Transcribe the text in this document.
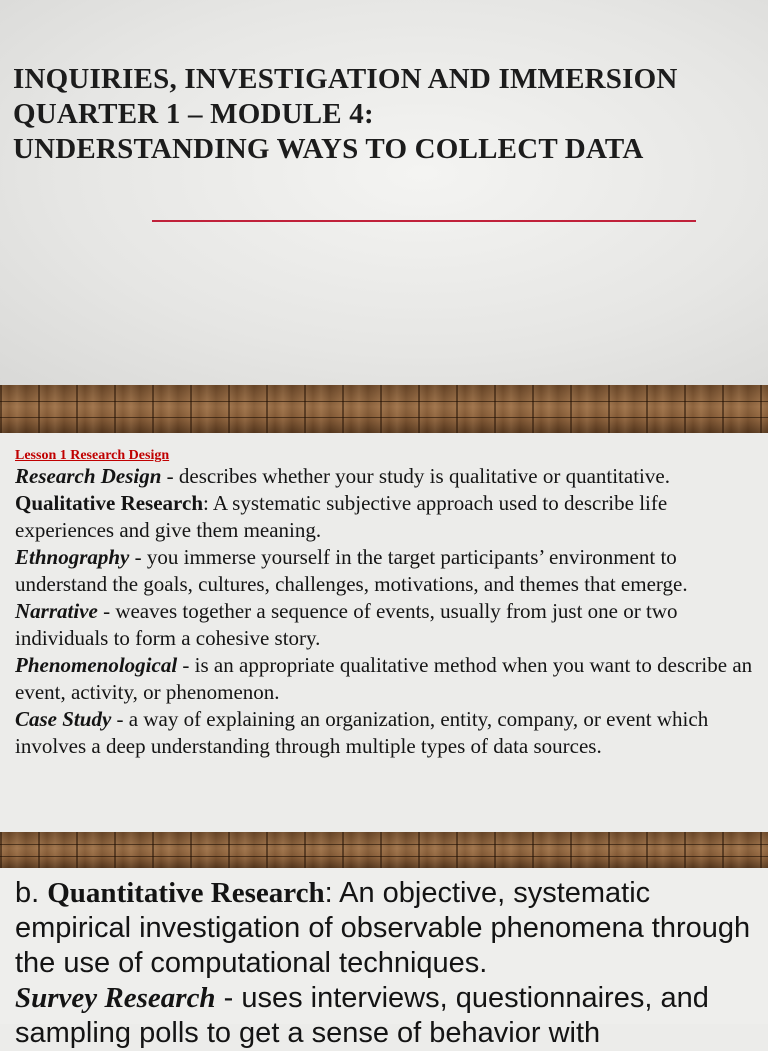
INQUIRIES, INVESTIGATION AND IMMERSION
QUARTER 1 – MODULE 4:
UNDERSTANDING WAYS TO COLLECT DATA
Lesson 1 Research Design

Research Design - describes whether your study is qualitative or quantitative.

Qualitative Research: A systematic subjective approach used to describe life experiences and give them meaning.

Ethnography - you immerse yourself in the target participants’ environment to understand the goals, cultures, challenges, motivations, and themes that emerge.

Narrative - weaves together a sequence of events, usually from just one or two individuals to form a cohesive story.

Phenomenological - is an appropriate qualitative method when you want to describe an event, activity, or phenomenon.

Case Study - a way of explaining an organization, entity, company, or event which involves a deep understanding through multiple types of data sources.

b. Quantitative Research: An objective, systematic empirical investigation of observable phenomena through the use of computational techniques.

Survey Research - uses interviews, questionnaires, and sampling polls to get a sense of behavior with
